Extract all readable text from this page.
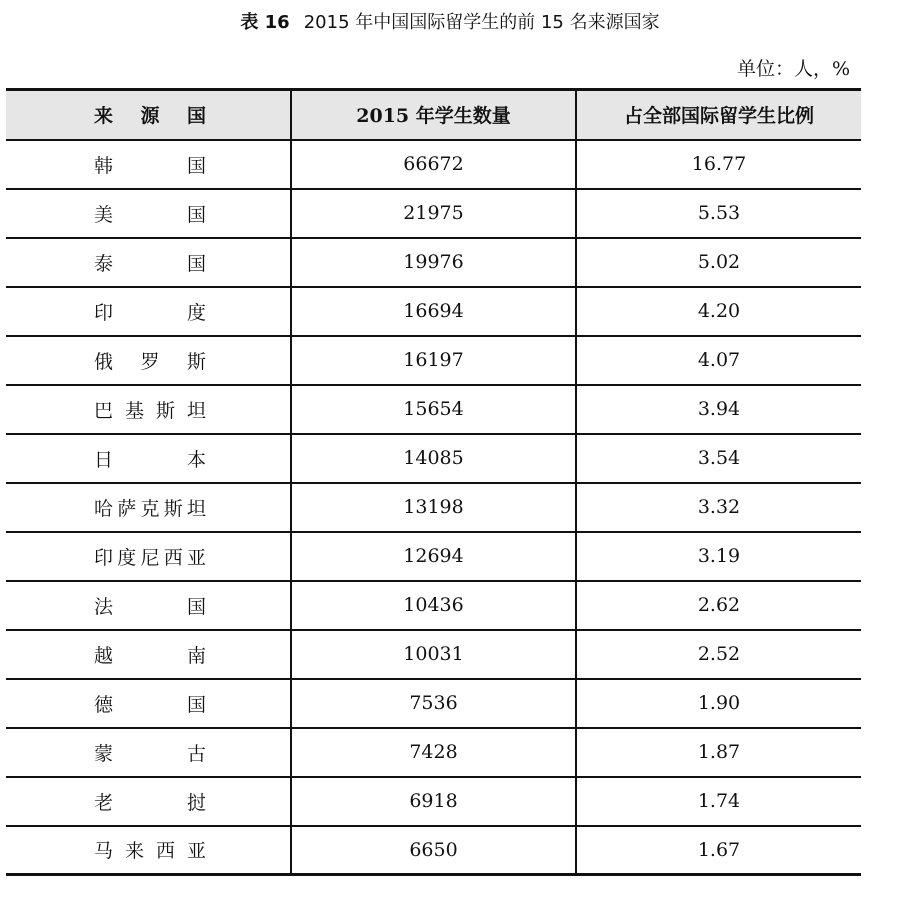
表 16 2015 年中国国际留学生的前 15 名来源国家
单位：人，%
来源国	2015 年学生数量	占全部国际留学生比例
韩国	66672	16.77
美国	21975	5.53
泰国	19976	5.02
印度	16694	4.20
俄罗斯	16197	4.07
巴基斯坦	15654	3.94
日本	14085	3.54
哈萨克斯坦	13198	3.32
印度尼西亚	12694	3.19
法国	10436	2.62
越南	10031	2.52
德国	7536	1.90
蒙古	7428	1.87
老挝	6918	1.74
马来西亚	6650	1.67
